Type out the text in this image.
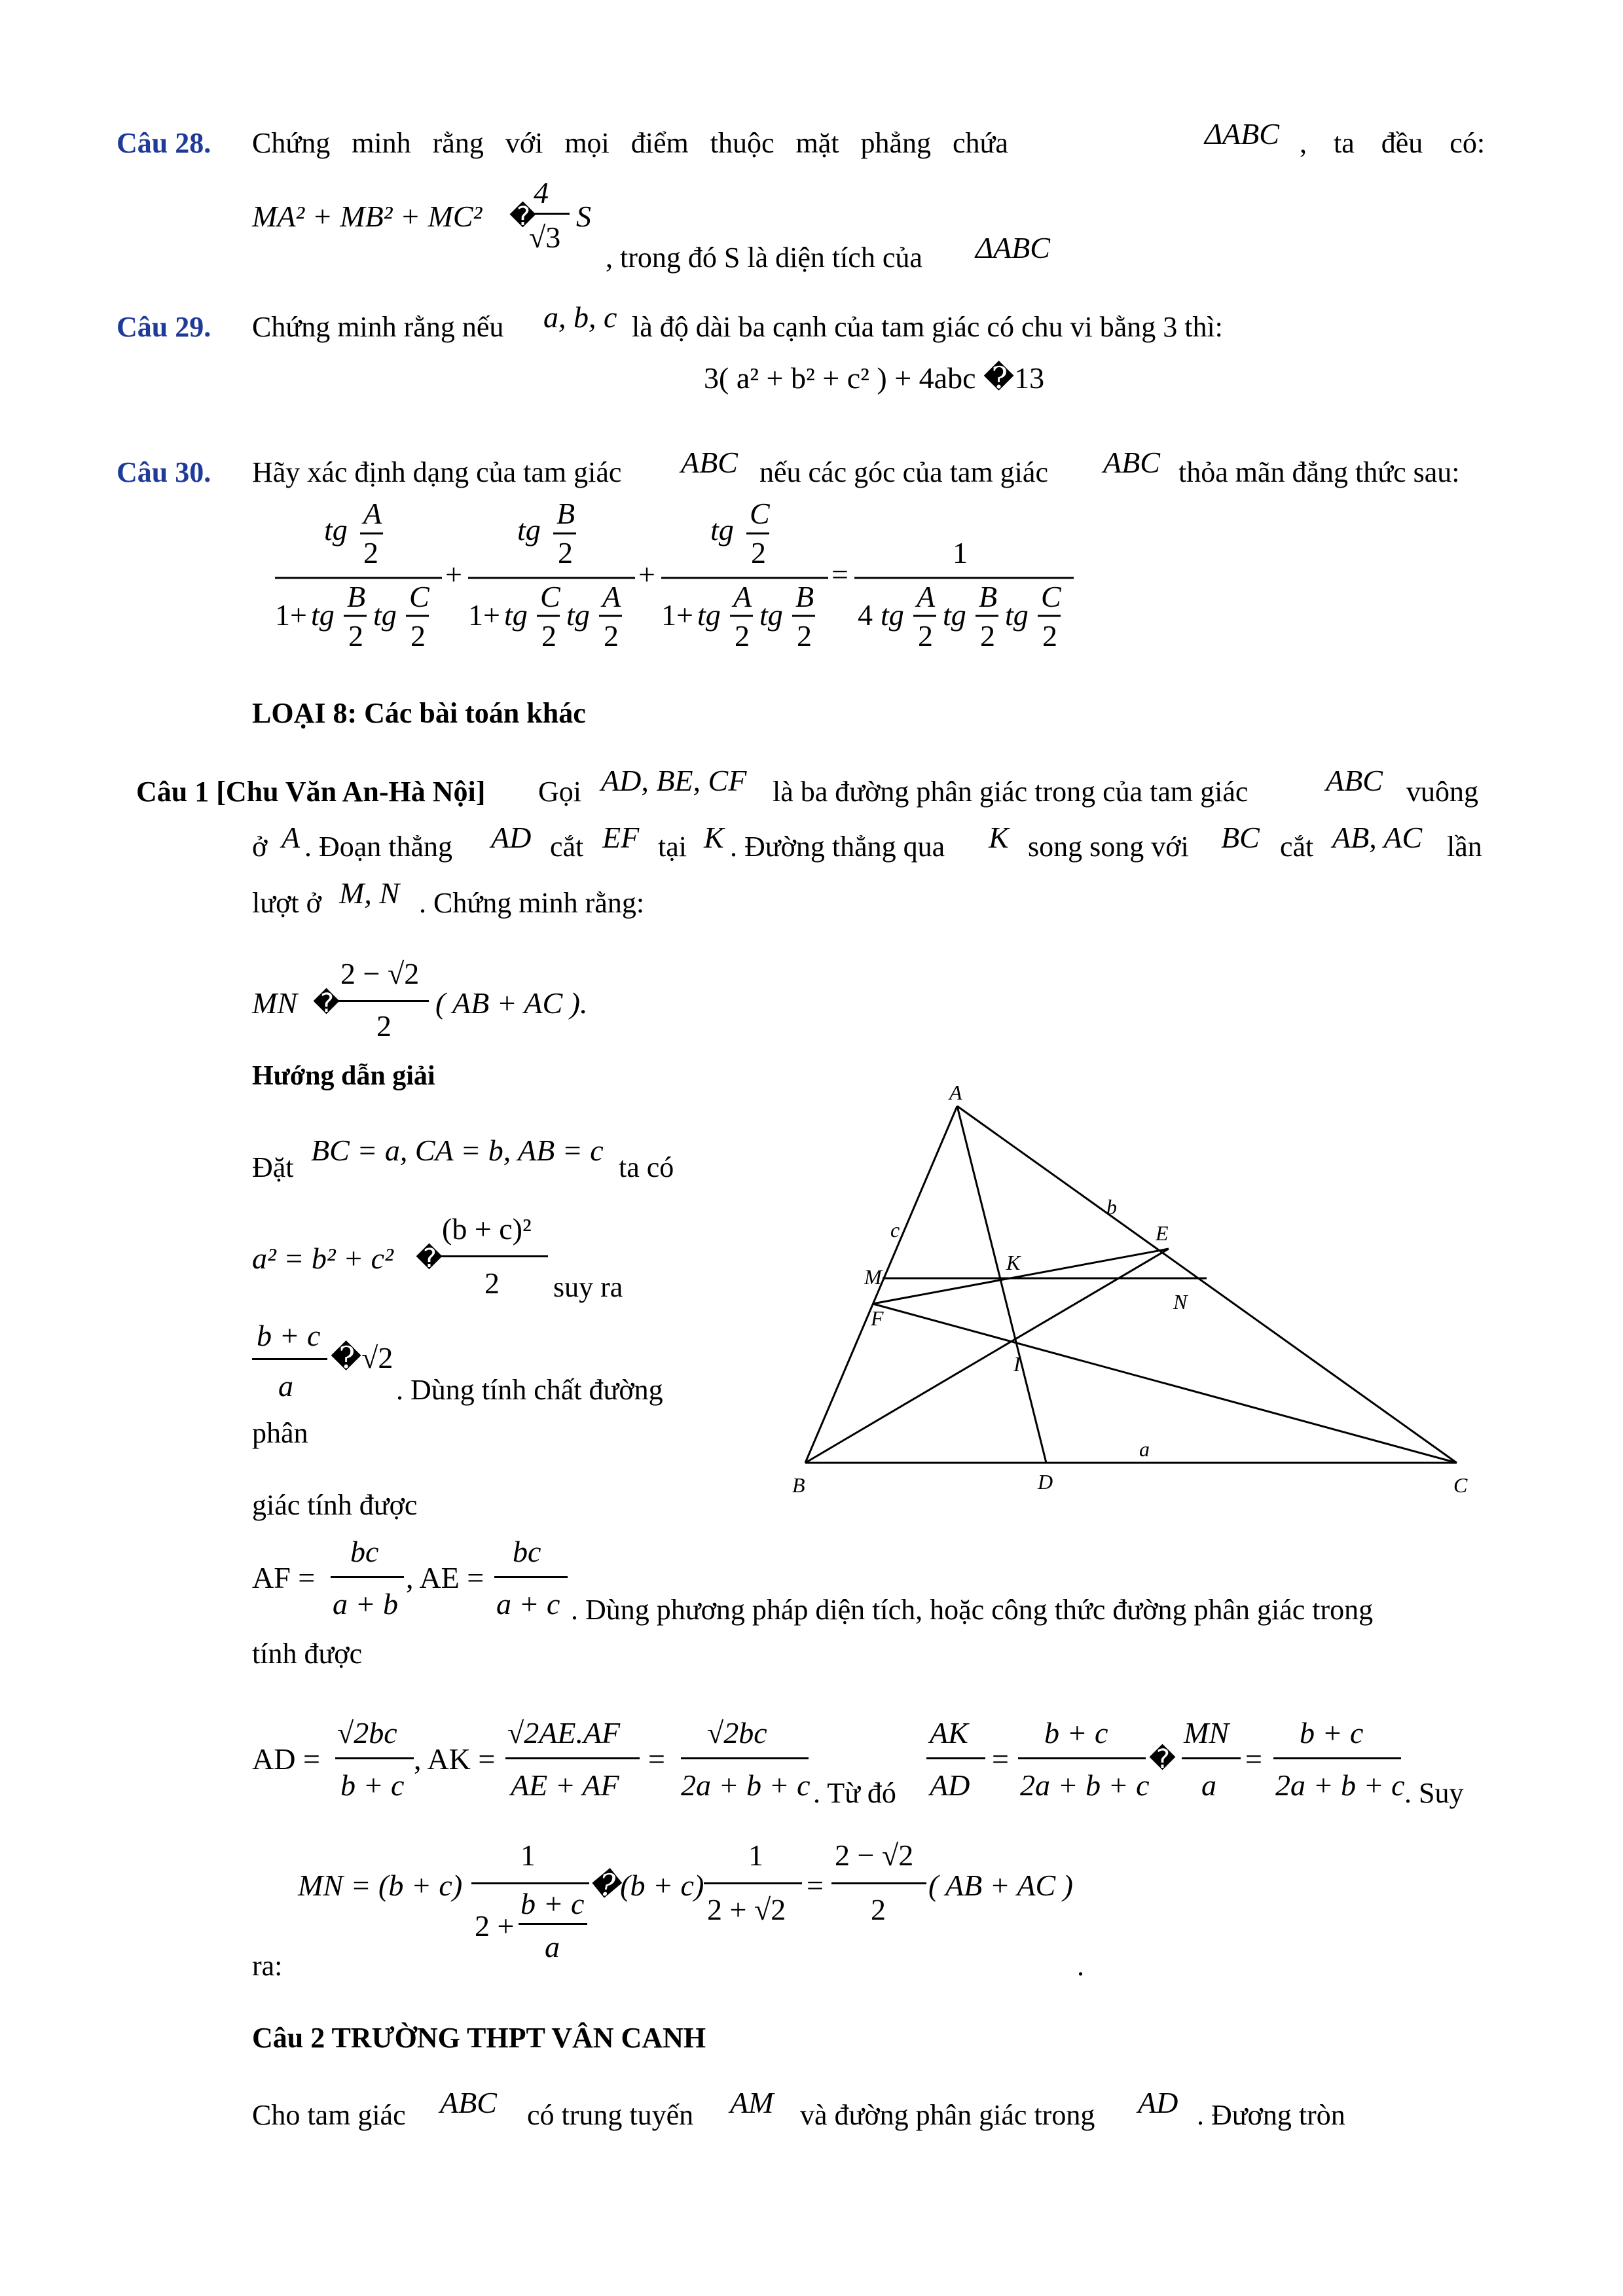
Câu 28. Chứng minh rằng với mọi điểm thuộc mặt phẳng chứa	ΔABC , ta đều có:
MA² + MB² + MC² �
4
√3
S
, trong đó S là diện tích của ΔABC
Câu 29. Chứng minh rằng nếu a, b, c là độ dài ba cạnh của tam giác có chu vi bằng 3 thì:
3( a² + b² + c² ) + 4abc �13
Câu 30. Hãy xác định dạng của tam giác ABC nếu các góc của tam giác ABC thỏa mãn đẳng thức sau:
tg A
2
1+ tg
B
2
tg
C
2
+
tg B
2
1+ tg
C
2
tg
A
2
+
tg C
2
1+ tg
A
2
tg
B
2
=
1
4 tg
A
2
tg
B
2
tg
C
2
LOẠI 8: Các bài toán khác
Câu 1 [Chu Văn An-Hà Nội] Gọi AD, BE, CF là ba đường phân giác trong của tam giác	ABC vuông
ở A . Đoạn thẳng AD cắt EF tại K . Đường thẳng qua K song song với BC cắt AB, AC lần
lượt ở M, N . Chứng minh rằng:
MN �
2 − √2
2
( AB + AC ).
Hướng dẫn giải
Đặt
BC = a, CA = b, AB = c
ta có
a² = b² + c² �
(b + c)²
2 suy ra
b + c
a
�√2
. Dùng tính chất đường
phân
giác tính được
AF =
bc
a + b
, AE =
bc
a + c . Dùng phương pháp diện tích, hoặc công thức đường phân giác trong
tính được
AD =
√2bc
b + c
, AK =
√2AE.AF
AE + AF
=
√2bc
2a + b + c . Từ đó
AK
AD
=
b + c
2a + b + c
�
MN
a
=
b + c
2a + b + c . Suy
MN = (b + c)
1
2 +
b + c
a
�(b + c)
1
2 + √2
=
2 − √2
2
( AB + AC )
ra:	.
A
B	C
D
E
F
M
N
K
I
a
b
c
Câu 2 TRƯỜNG THPT VÂN CANH
Cho tam giác ABC có trung tuyến AM và đường phân giác trong AD . Đương tròn
